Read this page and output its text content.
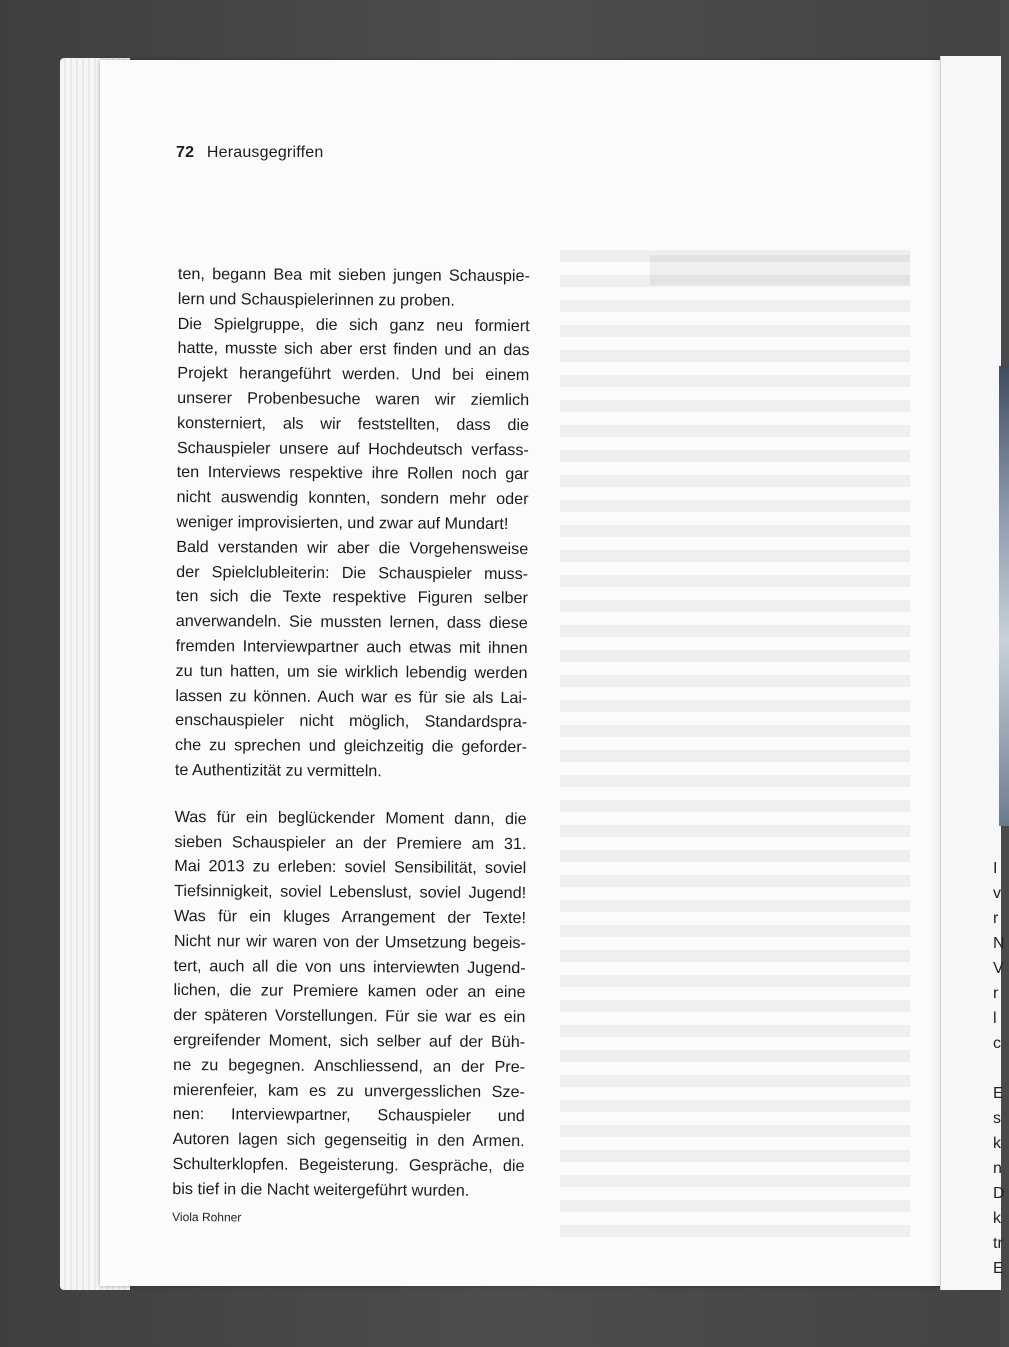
I
v
r
N
V
r
l
c
E
s
k
n
D
k
tr
E
72 Herausgegriffen
ten, begann Bea mit sieben jungen Schauspie-
lern und Schauspielerinnen zu proben.
Die Spielgruppe, die sich ganz neu formiert
hatte, musste sich aber erst finden und an das
Projekt herangeführt werden. Und bei einem
unserer Probenbesuche waren wir ziemlich
konsterniert, als wir feststellten, dass die
Schauspieler unsere auf Hochdeutsch verfass-
ten Interviews respektive ihre Rollen noch gar
nicht auswendig konnten, sondern mehr oder
weniger improvisierten, und zwar auf Mundart!
Bald verstanden wir aber die Vorgehensweise
der Spielclubleiterin: Die Schauspieler muss-
ten sich die Texte respektive Figuren selber
anverwandeln. Sie mussten lernen, dass diese
fremden Interviewpartner auch etwas mit ihnen
zu tun hatten, um sie wirklich lebendig werden
lassen zu können. Auch war es für sie als Lai-
enschauspieler nicht möglich, Standardspra-
che zu sprechen und gleichzeitig die geforder-
te Authentizität zu vermitteln.
Was für ein beglückender Moment dann, die
sieben Schauspieler an der Premiere am 31.
Mai 2013 zu erleben: soviel Sensibilität, soviel
Tiefsinnigkeit, soviel Lebenslust, soviel Jugend!
Was für ein kluges Arrangement der Texte!
Nicht nur wir waren von der Umsetzung begeis-
tert, auch all die von uns interviewten Jugend-
lichen, die zur Premiere kamen oder an eine
der späteren Vorstellungen. Für sie war es ein
ergreifender Moment, sich selber auf der Büh-
ne zu begegnen. Anschliessend, an der Pre-
mierenfeier, kam es zu unvergesslichen Sze-
nen: Interviewpartner, Schauspieler und
Autoren lagen sich gegenseitig in den Armen.
Schulterklopfen. Begeisterung. Gespräche, die
bis tief in die Nacht weitergeführt wurden.
Viola Rohner
